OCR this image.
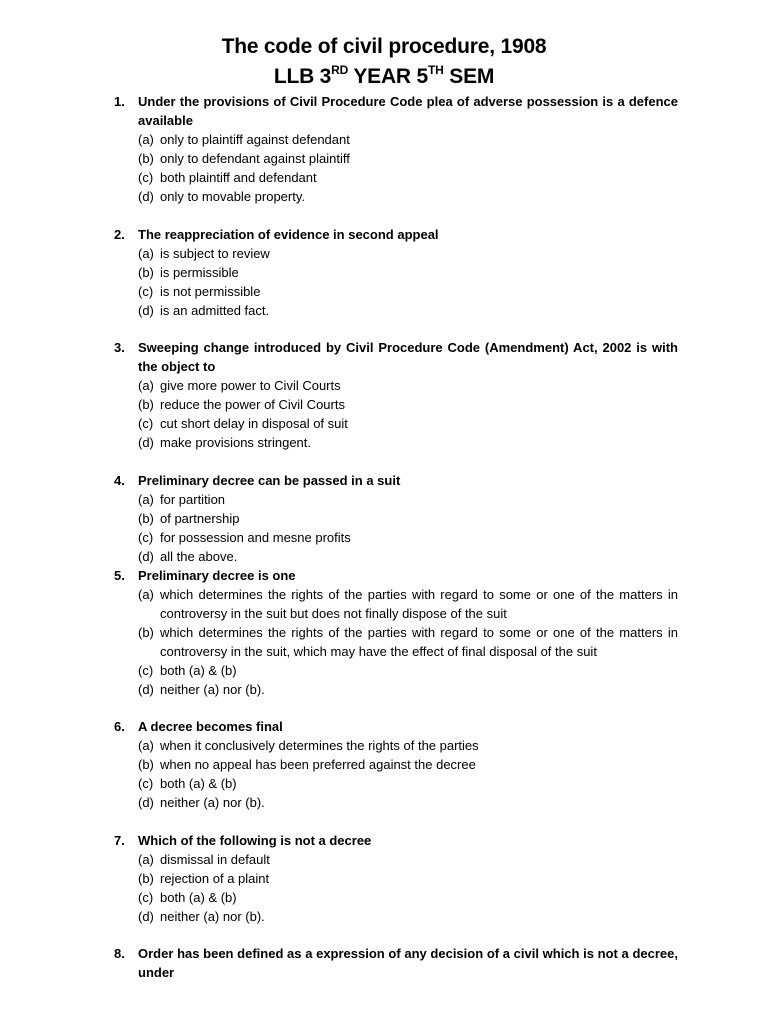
The code of civil procedure, 1908
LLB 3RD YEAR 5TH SEM
1. Under the provisions of Civil Procedure Code plea of adverse possession is a defence available
(a) only to plaintiff against defendant
(b) only to defendant against plaintiff
(c) both plaintiff and defendant
(d) only to movable property.
2. The reappreciation of evidence in second appeal
(a) is subject to review
(b) is permissible
(c) is not permissible
(d) is an admitted fact.
3. Sweeping change introduced by Civil Procedure Code (Amendment) Act, 2002 is with the object to
(a) give more power to Civil Courts
(b) reduce the power of Civil Courts
(c) cut short delay in disposal of suit
(d) make provisions stringent.
4. Preliminary decree can be passed in a suit
(a) for partition
(b) of partnership
(c) for possession and mesne profits
(d) all the above.
5. Preliminary decree is one
(a) which determines the rights of the parties with regard to some or one of the matters in controversy in the suit but does not finally dispose of the suit
(b) which determines the rights of the parties with regard to some or one of the matters in controversy in the suit, which may have the effect of final disposal of the suit
(c) both (a) & (b)
(d) neither (a) nor (b).
6. A decree becomes final
(a) when it conclusively determines the rights of the parties
(b) when no appeal has been preferred against the decree
(c) both (a) & (b)
(d) neither (a) nor (b).
7. Which of the following is not a decree
(a) dismissal in default
(b) rejection of a plaint
(c) both (a) & (b)
(d) neither (a) nor (b).
8. Order has been defined as a expression of any decision of a civil which is not a decree, under
